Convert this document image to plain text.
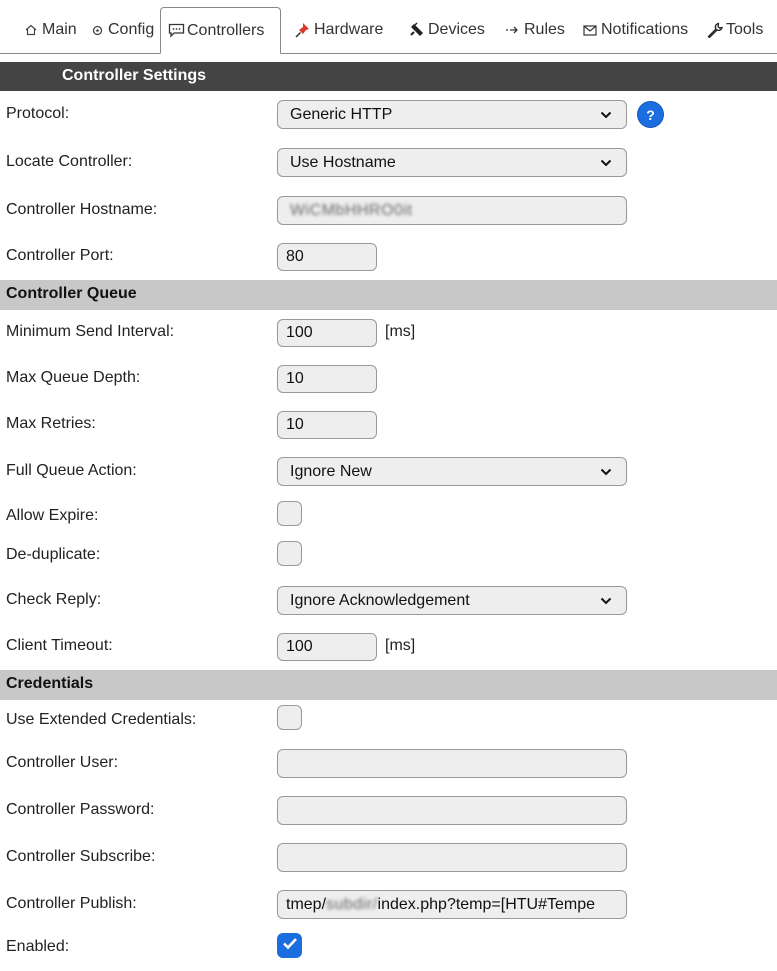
Main Config Controllers	Hardware	Devices Rules Notifications Tools
Controller Settings
Protocol:	Generic HTTP	?
Locate Controller:	Use Hostname
Controller Hostname:	WiCMbHHRO0it
Controller Port:	80
Controller Queue
Minimum Send Interval:	100	[ms]
Max Queue Depth:	10
Max Retries:	10
Full Queue Action:	Ignore New
Allow Expire:
De-duplicate:
Check Reply:	Ignore Acknowledgement
Client Timeout:	100	[ms]
Credentials
Use Extended Credentials:
Controller User:
Controller Password:
Controller Subscribe:
Controller Publish:	tmep/ subdir/ index.php?temp=[HTU#Tempe
Enabled:
